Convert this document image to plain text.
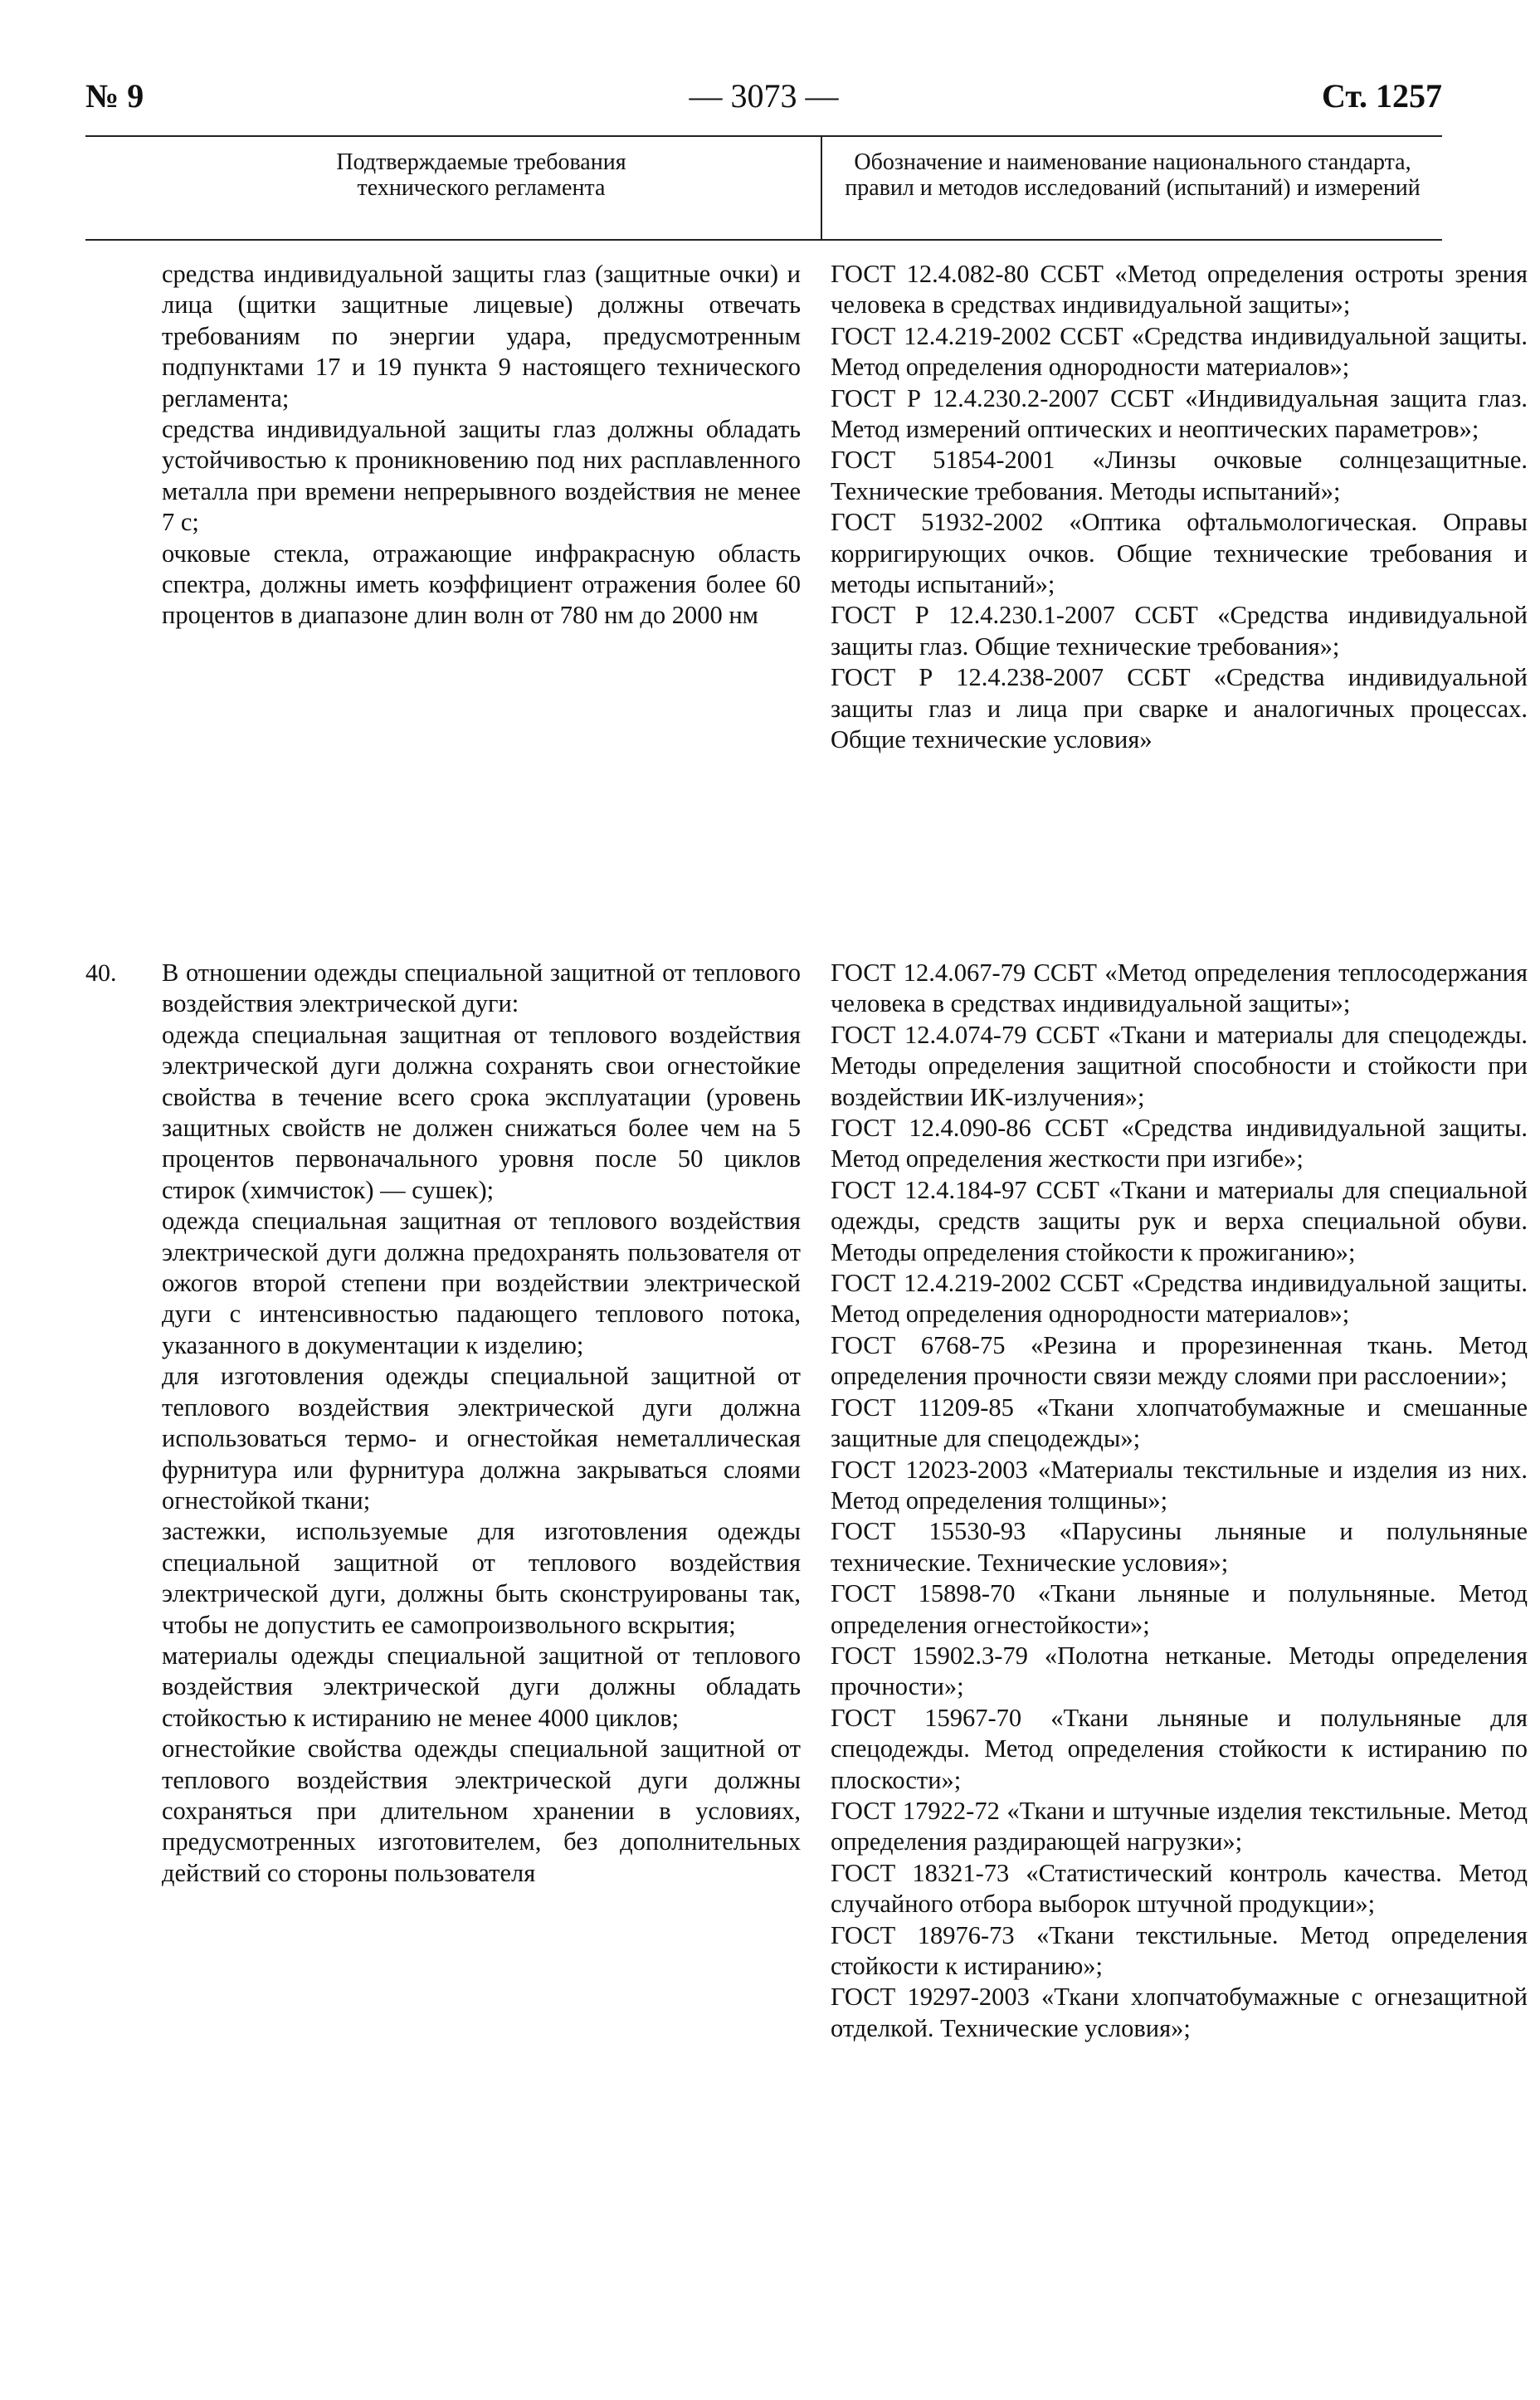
№ 9	— 3073 —	Ст. 1257
Подтверждаемые требования технического регламента
Обозначение и наименование национального стандарта, правил и методов исследований (испытаний) и измерений

средства индивидуальной защиты глаз (защитные очки) и лица (щитки защитные лицевые) должны отвечать требованиям по энергии удара, предусмотренным подпунктами 17 и 19 пункта 9 настоящего технического регламента;

средства индивидуальной защиты глаз должны обладать устойчивостью к проникновению под них расплавленного металла при времени непрерывного воздействия не менее 7 с;

очковые стекла, отражающие инфракрасную область спектра, должны иметь коэффициент отражения более 60 процентов в диапазоне длин волн от 780 нм до 2000 нм

ГОСТ 12.4.082-80 ССБТ «Метод определения остроты зрения человека в средствах индивидуальной защиты»;

ГОСТ 12.4.219-2002 ССБТ «Средства индивидуальной защиты. Метод определения однородности материалов»;

ГОСТ Р 12.4.230.2-2007 ССБТ «Индивидуальная защита глаз. Метод измерений оптических и неоптических параметров»;

ГОСТ 51854-2001 «Линзы очковые солнцезащитные. Технические требования. Методы испытаний»;

ГОСТ 51932-2002 «Оптика офтальмологическая. Оправы корригирующих очков. Общие технические требования и методы испытаний»;

ГОСТ Р 12.4.230.1-2007 ССБТ «Средства индивидуальной защиты глаз. Общие технические требования»;

ГОСТ Р 12.4.238-2007 ССБТ «Средства индивидуальной защиты глаз и лица при сварке и аналогичных процессах. Общие технические условия»

40. В отношении одежды специальной защитной от теплового воздействия электрической дуги:

одежда специальная защитная от теплового воздействия электрической дуги должна сохранять свои огнестойкие свойства в течение всего срока эксплуатации (уровень защитных свойств не должен снижаться более чем на 5 процентов первоначального уровня после 50 циклов стирок (химчисток) — сушек);

одежда специальная защитная от теплового воздействия электрической дуги должна предохранять пользователя от ожогов второй степени при воздействии электрической дуги с интенсивностью падающего теплового потока, указанного в документации к изделию;

для изготовления одежды специальной защитной от теплового воздействия электрической дуги должна использоваться термо- и огнестойкая неметаллическая фурнитура или фурнитура должна закрываться слоями огнестойкой ткани;

застежки, используемые для изготовления одежды специальной защитной от теплового воздействия электрической дуги, должны быть сконструированы так, чтобы не допустить ее самопроизвольного вскрытия;

материалы одежды специальной защитной от теплового воздействия электрической дуги должны обладать стойкостью к истиранию не менее 4000 циклов;

огнестойкие свойства одежды специальной защитной от теплового воздействия электрической дуги должны сохраняться при длительном хранении в условиях, предусмотренных изготовителем, без дополнительных действий со стороны пользователя

ГОСТ 12.4.067-79 ССБТ «Метод определения теплосодержания человека в средствах индивидуальной защиты»;

ГОСТ 12.4.074-79 ССБТ «Ткани и материалы для спецодежды. Методы определения защитной способности и стойкости при воздействии ИК-излучения»;

ГОСТ 12.4.090-86 ССБТ «Средства индивидуальной защиты. Метод определения жесткости при изгибе»;

ГОСТ 12.4.184-97 ССБТ «Ткани и материалы для специальной одежды, средств защиты рук и верха специальной обуви. Методы определения стойкости к прожиганию»;

ГОСТ 12.4.219-2002 ССБТ «Средства индивидуальной защиты. Метод определения однородности материалов»;

ГОСТ 6768-75 «Резина и прорезиненная ткань. Метод определения прочности связи между слоями при расслоении»;

ГОСТ 11209-85 «Ткани хлопчатобумажные и смешанные защитные для спецодежды»;

ГОСТ 12023-2003 «Материалы текстильные и изделия из них. Метод определения толщины»;

ГОСТ 15530-93 «Парусины льняные и полульняные технические. Технические условия»;

ГОСТ 15898-70 «Ткани льняные и полульняные. Метод определения огнестойкости»;

ГОСТ 15902.3-79 «Полотна нетканые. Методы определения прочности»;

ГОСТ 15967-70 «Ткани льняные и полульняные для спецодежды. Метод определения стойкости к истиранию по плоскости»;

ГОСТ 17922-72 «Ткани и штучные изделия текстильные. Метод определения раздирающей нагрузки»;

ГОСТ 18321-73 «Статистический контроль качества. Метод случайного отбора выборок штучной продукции»;

ГОСТ 18976-73 «Ткани текстильные. Метод определения стойкости к истиранию»;

ГОСТ 19297-2003 «Ткани хлопчатобумажные с огнезащитной отделкой. Технические условия»;
